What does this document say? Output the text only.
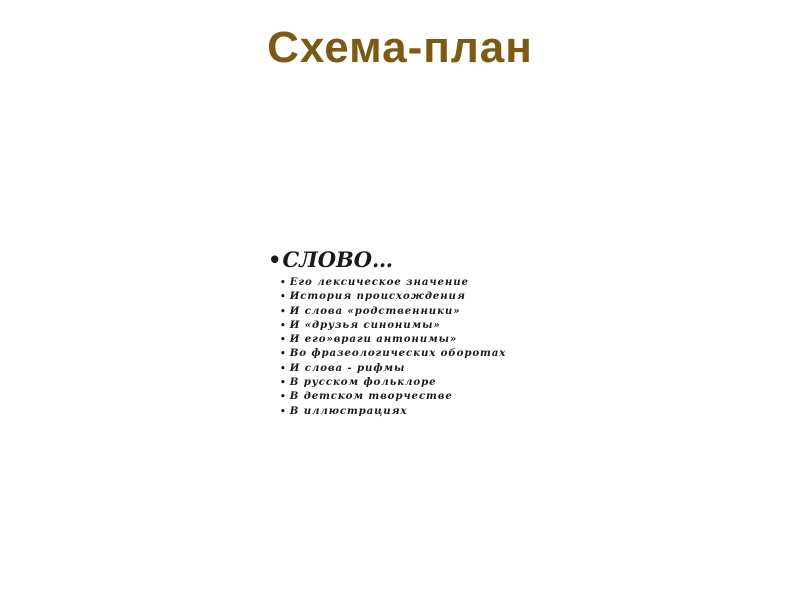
Схема-план
• СЛОВО…
• Его лексическое значение
• История происхождения
• И слова «родственники»
• И «друзья синонимы»
• И его»враги антонимы»
• Во фразеологических оборотах
• И слова - рифмы
• В русском фольклоре
• В детском творчестве
• В иллюстрациях
